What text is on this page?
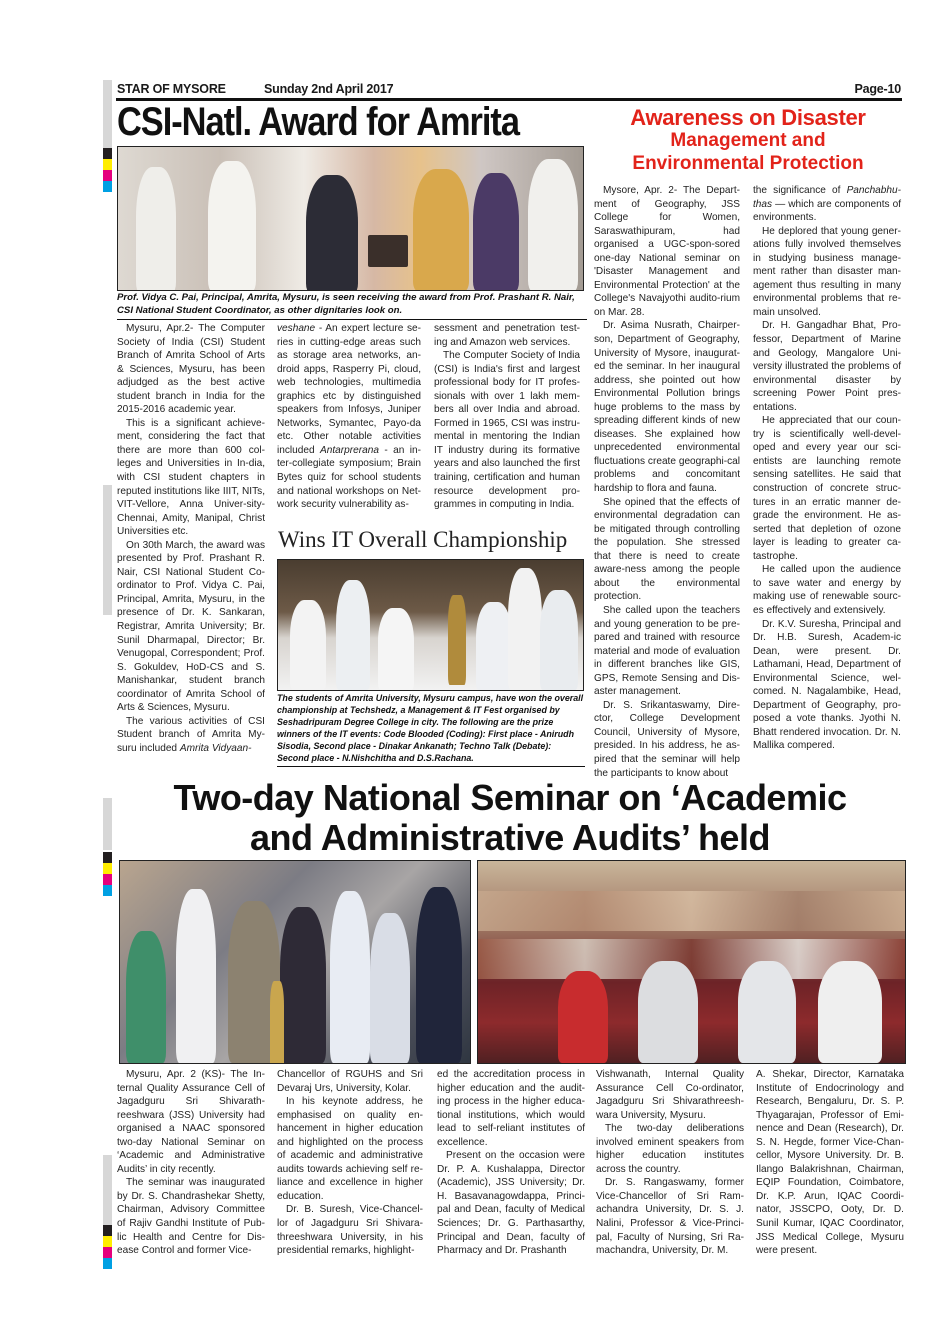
STAR OF MYSORE	Sunday 2nd April 2017	Page-10
CSI-Natl. Award for Amrita
Prof. Vidya C. Pai, Principal, Amrita, Mysuru, is seen receiving the award from Prof. Prashant R. Nair, CSI National Student Coordinator, as other dignitaries look on.

Mysuru, Apr.2- The Computer Society of India (CSI) Student Branch of Amrita School of Arts & Sciences, Mysuru, has been adjudged as the best active student branch in India for the 2015-2016 academic year.

This is a significant achieve-ment, considering the fact that there are more than 600 col-leges and Universities in In-dia, with CSI student chapters in reputed institutions like IIIT, NITs, VIT-Vellore, Anna Univer-sity-Chennai, Amity, Manipal, Christ Universities etc.

On 30th March, the award was presented by Prof. Prashant R. Nair, CSI National Student Co-ordinator to Prof. Vidya C. Pai, Principal, Amrita, Mysuru, in the presence of Dr. K. Sankaran, Registrar, Amrita University; Br. Sunil Dharmapal, Director; Br. Venugopal, Correspondent; Prof. S. Gokuldev, HoD-CS and S. Manishankar, student branch coordinator of Amrita School of Arts & Sciences, Mysuru.

The various activities of CSI Student branch of Amrita My-suru included Amrita Vidyaan-

veshane - An expert lecture se-ries in cutting-edge areas such as storage area networks, an-droid apps, Rasperry Pi, cloud, web technologies, multimedia graphics etc by distinguished speakers from Infosys, Juniper Networks, Symantec, Payo-da etc. Other notable activities included Antarprerana - an in-ter-collegiate symposium; Brain Bytes quiz for school students and national workshops on Net-work security vulnerability as-

sessment and penetration test-ing and Amazon web services.

The Computer Society of India (CSI) is India's first and largest professional body for IT profes-sionals with over 1 lakh mem-bers all over India and abroad. Formed in 1965, CSI was instru-mental in mentoring the Indian IT industry during its formative years and also launched the first training, certification and human resource development pro-grammes in computing in India.

Wins IT Overall Championship
The students of Amrita University, Mysuru campus, have won the overall championship at Techshedz, a Management & IT Fest organised by Seshadripuram Degree College in city. The following are the prize winners of the IT events: Code Blooded (Coding): First place - Anirudh Sisodia, Second place - Dinakar Ankanath; Techno Talk (Debate): Second place - N.Nishchitha and D.S.Rachana.
Awareness on Disaster
Management and
Environmental Protection

Mysore, Apr. 2- The Depart-ment of Geography, JSS College for Women, Saraswathipuram, had organised a UGC-spon-sored one-day National seminar on 'Disaster Management and Environmental Protection' at the College's Navajyothi audito-rium on Mar. 28.

Dr. Asima Nusrath, Chairper-son, Department of Geography, University of Mysore, inaugurat-ed the seminar. In her inaugural address, she pointed out how Environmental Pollution brings huge problems to the mass by spreading different kinds of new diseases. She explained how unprecedented environmental fluctuations create geographi-cal problems and concomitant hardship to flora and fauna.

She opined that the effects of environmental degradation can be mitigated through controlling the population. She stressed that there is need to create aware-ness among the people about the environmental protection.

She called upon the teachers and young generation to be pre-pared and trained with resource material and mode of evaluation in different branches like GIS, GPS, Remote Sensing and Dis-aster management.

Dr. S. Srikantaswamy, Dire-ctor, College Development Council, University of Mysore, presided. In his address, he as-pired that the seminar will help the participants to know about

the significance of Panchabhu-thas — which are components of environments.

He deplored that young gener-ations fully involved themselves in studying business manage-ment rather than disaster man-agement thus resulting in many environmental problems that re-main unsolved.

Dr. H. Gangadhar Bhat, Pro-fessor, Department of Marine and Geology, Mangalore Uni-versity illustrated the problems of environmental disaster by screening Power Point pres-entations.

He appreciated that our coun-try is scientifically well-devel-oped and every year our sci-entists are launching remote sensing satellites. He said that construction of concrete struc-tures in an erratic manner de-grade the environment. He as-serted that depletion of ozone layer is leading to greater ca-tastrophe.

He called upon the audience to save water and energy by making use of renewable sourc-es effectively and extensively.

Dr. K.V. Suresha, Principal and Dr. H.B. Suresh, Academ-ic Dean, were present. Dr. Lathamani, Head, Department of Environmental Science, wel-comed. N. Nagalambike, Head, Department of Geography, pro-posed a vote thanks. Jyothi N. Bhatt rendered invocation. Dr. N. Mallika compered.

Two-day National Seminar on ‘Academic
and Administrative Audits’ held

Mysuru, Apr. 2 (KS)- The In-ternal Quality Assurance Cell of Jagadguru Sri Shivarath-reeshwara (JSS) University had organised a NAAC sponsored two-day National Seminar on ‘Academic and Administrative Audits’ in city recently.

The seminar was inaugurated by Dr. S. Chandrashekar Shetty, Chairman, Advisory Committee of Rajiv Gandhi Institute of Pub-lic Health and Centre for Dis-ease Control and former Vice-

Chancellor of RGUHS and Sri Devaraj Urs, University, Kolar.

In his keynote address, he emphasised on quality en-hancement in higher education and highlighted on the process of academic and administrative audits towards achieving self re-liance and excellence in higher education.

Dr. B. Suresh, Vice-Chancel-lor of Jagadguru Sri Shivara-threeshwara University, in his presidential remarks, highlight-

ed the accreditation process in higher education and the audit-ing process in the higher educa-tional institutions, which would lead to self-reliant institutes of excellence.

Present on the occasion were Dr. P. A. Kushalappa, Director (Academic), JSS University; Dr. H. Basavanagowdappa, Princi-pal and Dean, faculty of Medical Sciences; Dr. G. Parthasarthy, Principal and Dean, faculty of Pharmacy and Dr. Prashanth

Vishwanath, Internal Quality Assurance Cell Co-ordinator, Jagadguru Sri Shivarathreesh-wara University, Mysuru.

The two-day deliberations involved eminent speakers from higher education institutes across the country.

Dr. S. Rangaswamy, former Vice-Chancellor of Sri Ram-achandra University, Dr. S. J. Nalini, Professor & Vice-Princi-pal, Faculty of Nursing, Sri Ra-machandra, University, Dr. M.

A. Shekar, Director, Karnataka Institute of Endocrinology and Research, Bengaluru, Dr. S. P. Thyagarajan, Professor of Emi-nence and Dean (Research), Dr. S. N. Hegde, former Vice-Chan-cellor, Mysore University. Dr. B. Ilango Balakrishnan, Chairman, EQIP Foundation, Coimbatore, Dr. K.P. Arun, IQAC Coordi-nator, JSSCPO, Ooty, Dr. D. Sunil Kumar, IQAC Coordinator, JSS Medical College, Mysuru were present.
